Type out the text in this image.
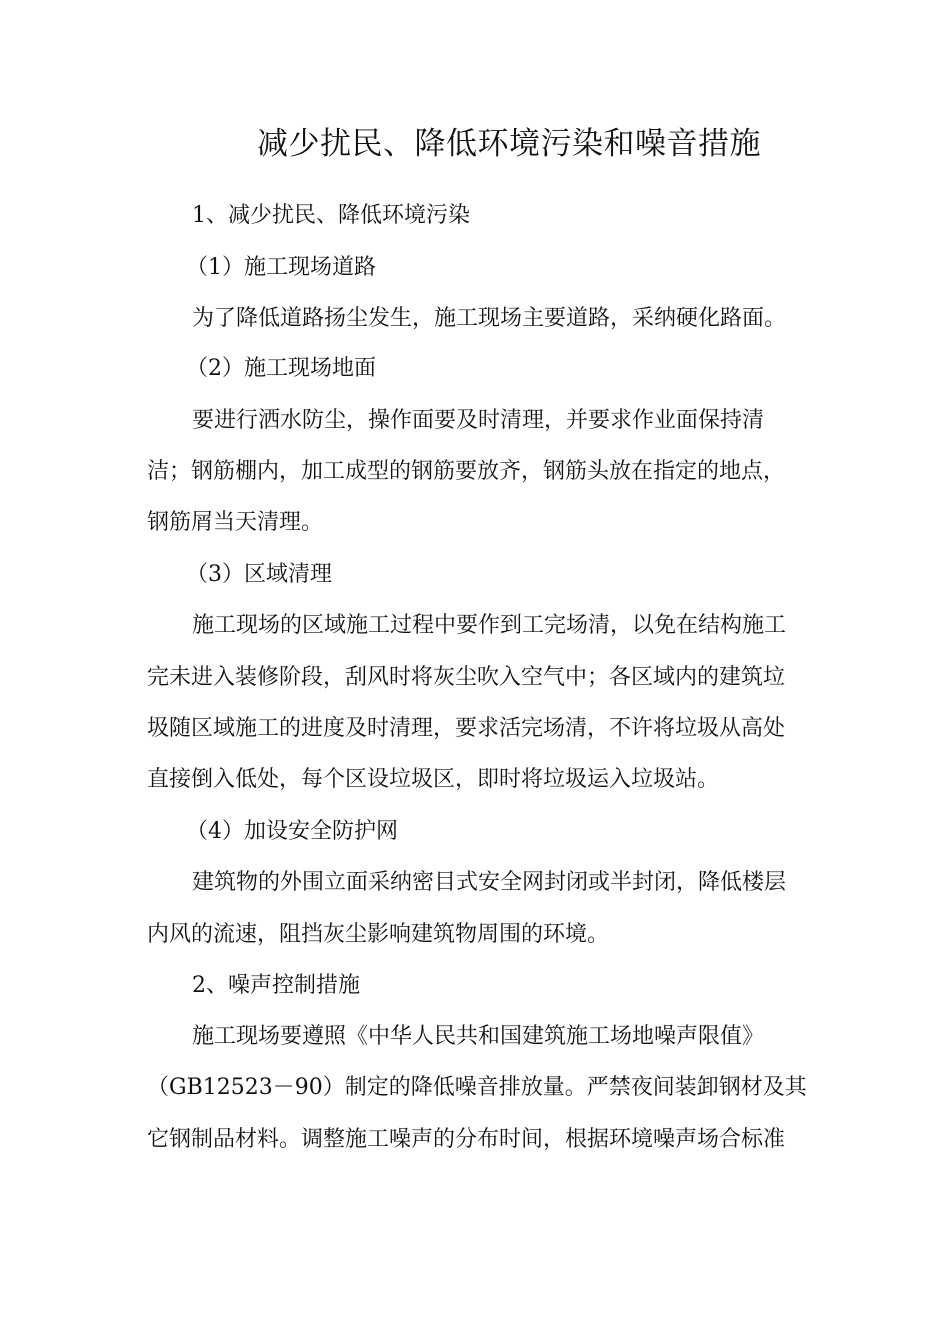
减少扰民、降低环境污染和噪音措施
1、减少扰民、降低环境污染
（1）施工现场道路
为了降低道路扬尘发生，施工现场主要道路，采纳硬化路面。
（2）施工现场地面
要进行洒水防尘，操作面要及时清理，并要求作业面保持清
洁；钢筋棚内，加工成型的钢筋要放齐，钢筋头放在指定的地点，
钢筋屑当天清理。
（3）区域清理
施工现场的区域施工过程中要作到工完场清，以免在结构施工
完未进入装修阶段，刮风时将灰尘吹入空气中；各区域内的建筑垃
圾随区域施工的进度及时清理，要求活完场清，不许将垃圾从高处
直接倒入低处，每个区设垃圾区，即时将垃圾运入垃圾站。
（4）加设安全防护网
建筑物的外围立面采纳密目式安全网封闭或半封闭，降低楼层
内风的流速，阻挡灰尘影响建筑物周围的环境。
2、噪声控制措施
施工现场要遵照《中华人民共和国建筑施工场地噪声限值》
（GB12523－90）制定的降低噪音排放量。严禁夜间装卸钢材及其
它钢制品材料。调整施工噪声的分布时间，根据环境噪声场合标准
